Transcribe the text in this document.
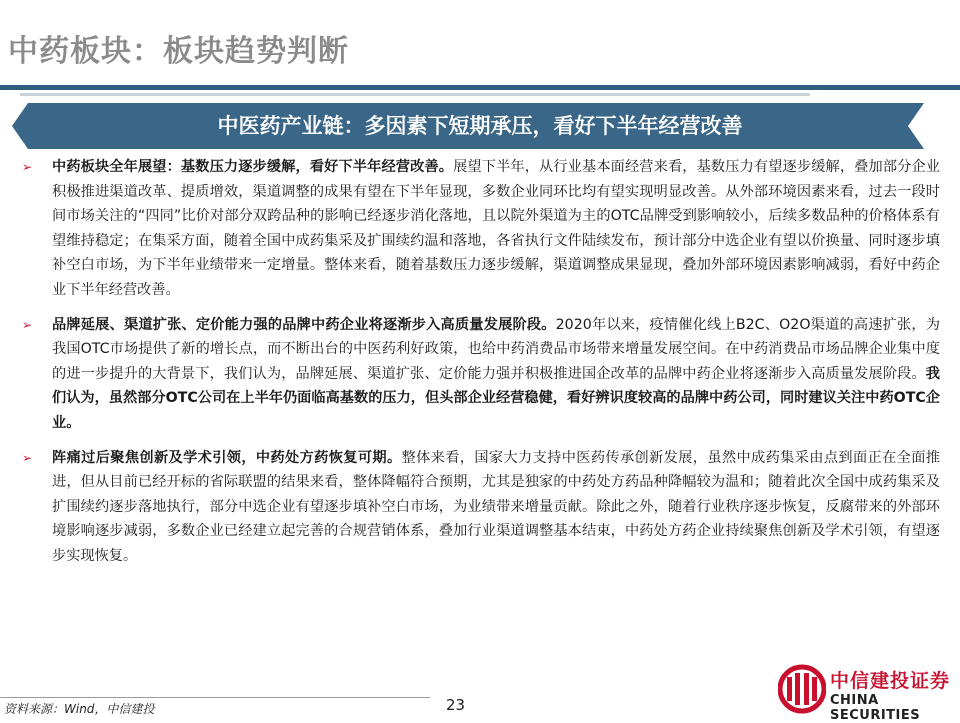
中药板块：板块趋势判断
中医药产业链：多因素下短期承压，看好下半年经营改善
➢ 中药板块全年展望：基数压力逐步缓解，看好下半年经营改善。展望下半年，从行业基本面经营来看，基数压力有望逐步缓解，叠加部分企业积极推进渠道改革、提质增效，渠道调整的成果有望在下半年显现，多数企业同环比均有望实现明显改善。从外部环境因素来看，过去一段时间市场关注的“四同”比价对部分双跨品种的影响已经逐步消化落地，且以院外渠道为主的OTC品牌受到影响较小，后续多数品种的价格体系有望维持稳定；在集采方面，随着全国中成药集采及扩围续约温和落地，各省执行文件陆续发布，预计部分中选企业有望以价换量、同时逐步填补空白市场，为下半年业绩带来一定增量。整体来看，随着基数压力逐步缓解，渠道调整成果显现，叠加外部环境因素影响减弱，看好中药企业下半年经营改善。
➢ 品牌延展、渠道扩张、定价能力强的品牌中药企业将逐渐步入高质量发展阶段。2020年以来，疫情催化线上B2C、O2O渠道的高速扩张，为我国OTC市场提供了新的增长点，而不断出台的中医药利好政策，也给中药消费品市场带来增量发展空间。在中药消费品市场品牌企业集中度的进一步提升的大背景下，我们认为，品牌延展、渠道扩张、定价能力强并积极推进国企改革的品牌中药企业将逐渐步入高质量发展阶段。我们认为，虽然部分OTC公司在上半年仍面临高基数的压力，但头部企业经营稳健，看好辨识度较高的品牌中药公司，同时建议关注中药OTC企业。
➢ 阵痛过后聚焦创新及学术引领，中药处方药恢复可期。整体来看，国家大力支持中医药传承创新发展，虽然中成药集采由点到面正在全面推进，但从目前已经开标的省际联盟的结果来看，整体降幅符合预期，尤其是独家的中药处方药品种降幅较为温和；随着此次全国中成药集采及扩围续约逐步落地执行，部分中选企业有望逐步填补空白市场，为业绩带来增量贡献。除此之外，随着行业秩序逐步恢复，反腐带来的外部环境影响逐步减弱，多数企业已经建立起完善的合规营销体系，叠加行业渠道调整基本结束，中药处方药企业持续聚焦创新及学术引领，有望逐步实现恢复。
资料来源：Wind，中信建投	23
中信建投证券
CHINA SECURITIES
